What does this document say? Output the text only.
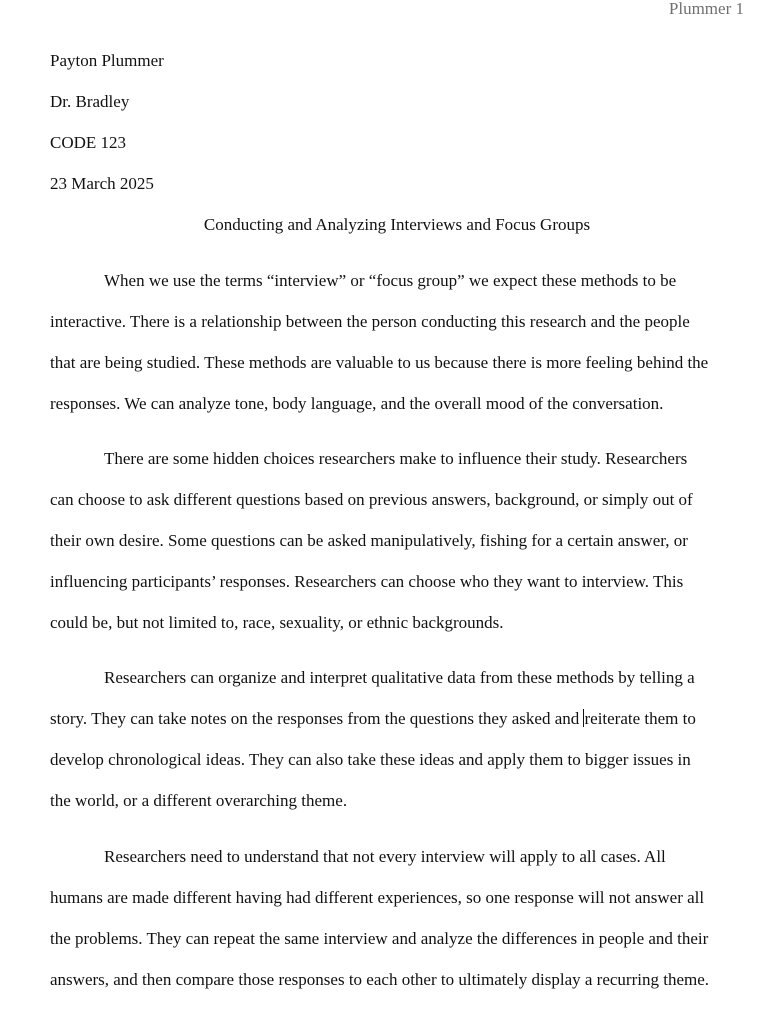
Plummer 1
Payton Plummer
Dr. Bradley
CODE 123
23 March 2025
Conducting and Analyzing Interviews and Focus Groups
When we use the terms “interview” or “focus group” we expect these methods to be
interactive. There is a relationship between the person conducting this research and the people
that are being studied. These methods are valuable to us because there is more feeling behind the
responses. We can analyze tone, body language, and the overall mood of the conversation.
There are some hidden choices researchers make to influence their study. Researchers
can choose to ask different questions based on previous answers, background, or simply out of
their own desire. Some questions can be asked manipulatively, fishing for a certain answer, or
influencing participants’ responses. Researchers can choose who they want to interview. This
could be, but not limited to, race, sexuality, or ethnic backgrounds.
Researchers can organize and interpret qualitative data from these methods by telling a
story. They can take notes on the responses from the questions they asked and reiterate them to
develop chronological ideas. They can also take these ideas and apply them to bigger issues in
the world, or a different overarching theme.
Researchers need to understand that not every interview will apply to all cases. All
humans are made different having had different experiences, so one response will not answer all
the problems. They can repeat the same interview and analyze the differences in people and their
answers, and then compare those responses to each other to ultimately display a recurring theme.
